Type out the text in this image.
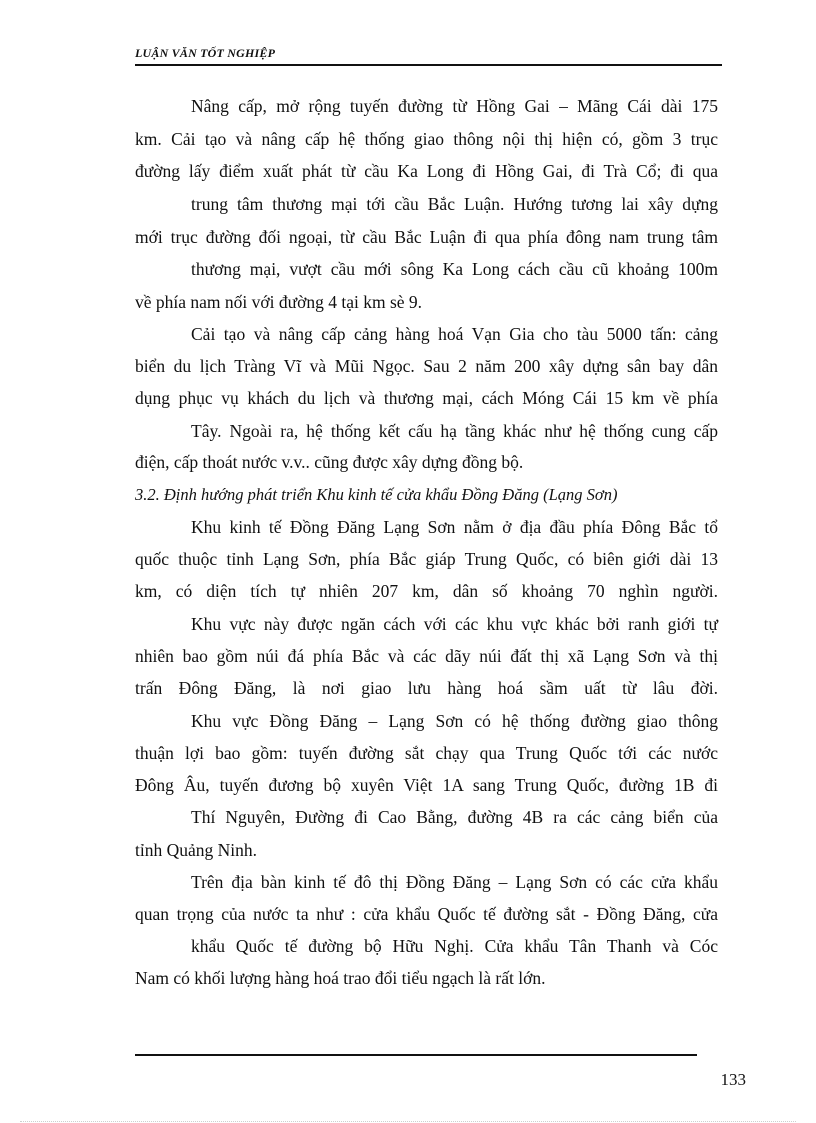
LUẬN VĂN TỐT NGHIỆP
Nâng cấp, mở rộng tuyến đường từ Hồng Gai – Mãng Cái dài 175
km. Cải tạo và nâng cấp hệ thống giao thông nội thị hiện có, gồm 3 trục
đường lấy điểm xuất phát từ cầu Ka Long đi Hồng Gai, đi Trà Cổ; đi qua
trung tâm thương mại tới cầu Bắc Luận. Hướng tương lai xây dựng
mới trục đường đối ngoại, từ cầu Bắc Luận đi qua phía đông nam trung tâm
thương mại, vượt cầu mới sông Ka Long cách cầu cũ khoảng 100m
về phía nam nối với đường 4 tại km sè 9.
Cải tạo và nâng cấp cảng hàng hoá Vạn Gia cho tàu 5000 tấn: cảng
biển du lịch Tràng Vĩ và Mũi Ngọc. Sau 2 năm 200 xây dựng sân bay dân
dụng phục vụ khách du lịch và thương mại, cách Móng Cái 15 km về phía
Tây. Ngoài ra, hệ thống kết cấu hạ tầng khác như hệ thống cung cấp
điện, cấp thoát nước v.v.. cũng được xây dựng đồng bộ.
3.2. Định hướng phát triển Khu kinh tế cửa khẩu Đồng Đăng (Lạng Sơn)
Khu kinh tế Đồng Đăng Lạng Sơn nằm ở địa đầu phía Đông Bắc tổ
quốc thuộc tỉnh Lạng Sơn, phía Bắc giáp Trung Quốc, có biên giới dài 13
km, có diện tích tự nhiên 207 km, dân số khoảng 70 nghìn người.
Khu vực này được ngăn cách với các khu vực khác bởi ranh giới tự
nhiên bao gồm núi đá phía Bắc và các dãy núi đất thị xã Lạng Sơn và thị
trấn Đông Đăng, là nơi giao lưu hàng hoá sầm uất từ lâu đời.
Khu vực Đồng Đăng – Lạng Sơn có hệ thống đường giao thông
thuận lợi bao gồm: tuyến đường sắt chạy qua Trung Quốc tới các nước
Đông Âu, tuyến đương bộ xuyên Việt 1A sang Trung Quốc, đường 1B đi
Thí Nguyên, Đường đi Cao Bằng, đường 4B ra các cảng biển của
tỉnh Quảng Ninh.
Trên địa bàn kinh tế đô thị Đồng Đăng – Lạng Sơn có các cửa khẩu
quan trọng của nước ta như : cửa khẩu Quốc tế đường sắt - Đồng Đăng, cửa
khẩu Quốc tế đường bộ Hữu Nghị. Cửa khẩu Tân Thanh và Cóc
Nam có khối lượng hàng hoá trao đổi tiểu ngạch là rất lớn.
133
